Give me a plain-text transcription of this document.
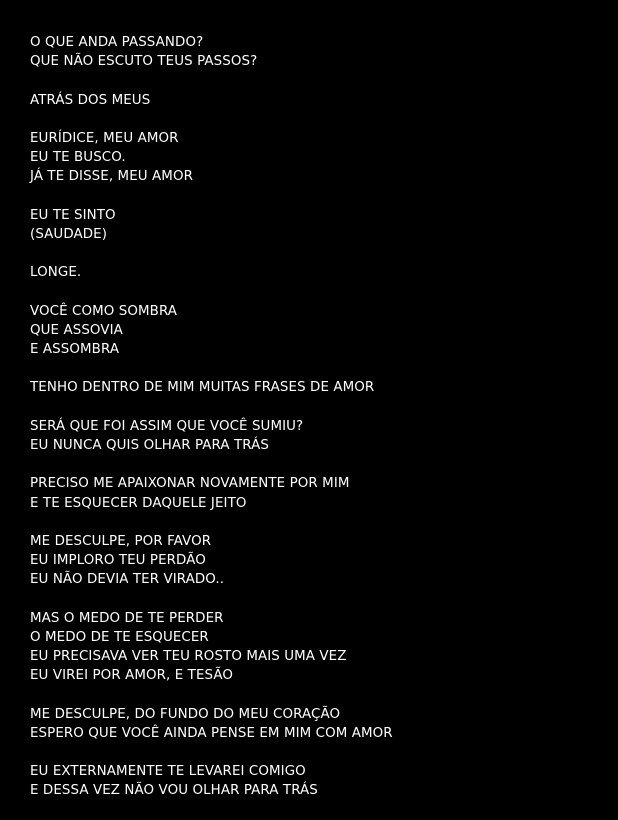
O QUE ANDA PASSANDO?
QUE NÃO ESCUTO TEUS PASSOS?
ATRÁS DOS MEUS
EURÍDICE, MEU AMOR
EU TE BUSCO.
JÁ TE DISSE, MEU AMOR
EU TE SINTO
(SAUDADE)
LONGE.
VOCÊ COMO SOMBRA
QUE ASSOVIA
E ASSOMBRA
TENHO DENTRO DE MIM MUITAS FRASES DE AMOR
SERÁ QUE FOI ASSIM QUE VOCÊ SUMIU?
EU NUNCA QUIS OLHAR PARA TRÁS
PRECISO ME APAIXONAR NOVAMENTE POR MIM
E TE ESQUECER DAQUELE JEITO
ME DESCULPE, POR FAVOR
EU IMPLORO TEU PERDÃO
EU NÃO DEVIA TER VIRADO..
MAS O MEDO DE TE PERDER
O MEDO DE TE ESQUECER
EU PRECISAVA VER TEU ROSTO MAIS UMA VEZ
EU VIREI POR AMOR, E TESÃO
ME DESCULPE, DO FUNDO DO MEU CORAÇÃO
ESPERO QUE VOCÊ AINDA PENSE EM MIM COM AMOR
EU EXTERNAMENTE TE LEVAREI COMIGO
E DESSA VEZ NÃO VOU OLHAR PARA TRÁS
